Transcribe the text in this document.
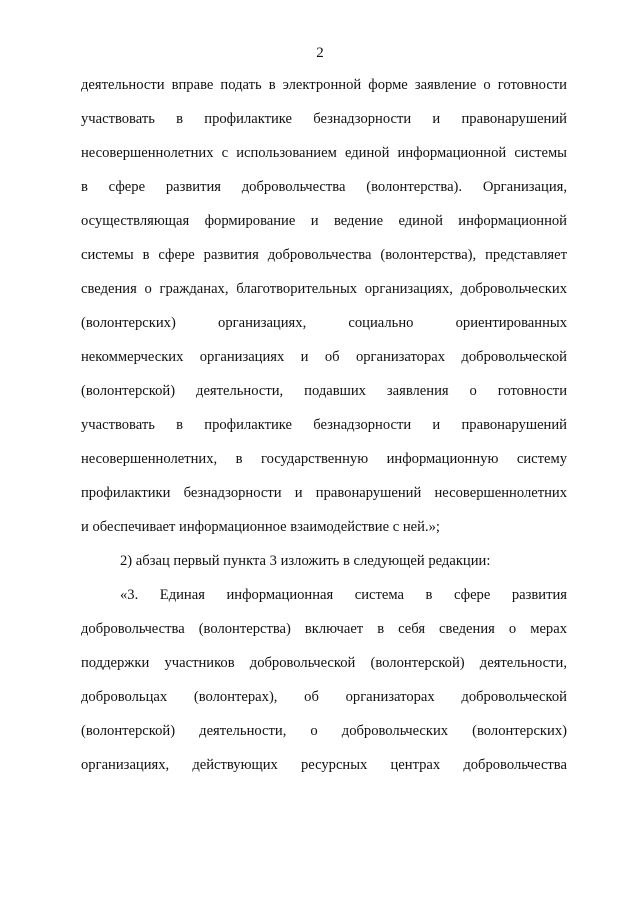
2
деятельности вправе подать в электронной форме заявление о готовности
участвовать в профилактике безнадзорности и правонарушений
несовершеннолетних с использованием единой информационной системы
в сфере развития добровольчества (волонтерства). Организация,
осуществляющая формирование и ведение единой информационной
системы в сфере развития добровольчества (волонтерства), представляет
сведения о гражданах, благотворительных организациях, добровольческих
(волонтерских) организациях, социально ориентированных
некоммерческих организациях и об организаторах добровольческой
(волонтерской) деятельности, подавших заявления о готовности
участвовать в профилактике безнадзорности и правонарушений
несовершеннолетних, в государственную информационную систему
профилактики безнадзорности и правонарушений несовершеннолетних
и обеспечивает информационное взаимодействие с ней.»;
2) абзац первый пункта 3 изложить в следующей редакции:
«3. Единая информационная система в сфере развития
добровольчества (волонтерства) включает в себя сведения о мерах
поддержки участников добровольческой (волонтерской) деятельности,
добровольцах (волонтерах), об организаторах добровольческой
(волонтерской) деятельности, о добровольческих (волонтерских)
организациях, действующих ресурсных центрах добровольчества
